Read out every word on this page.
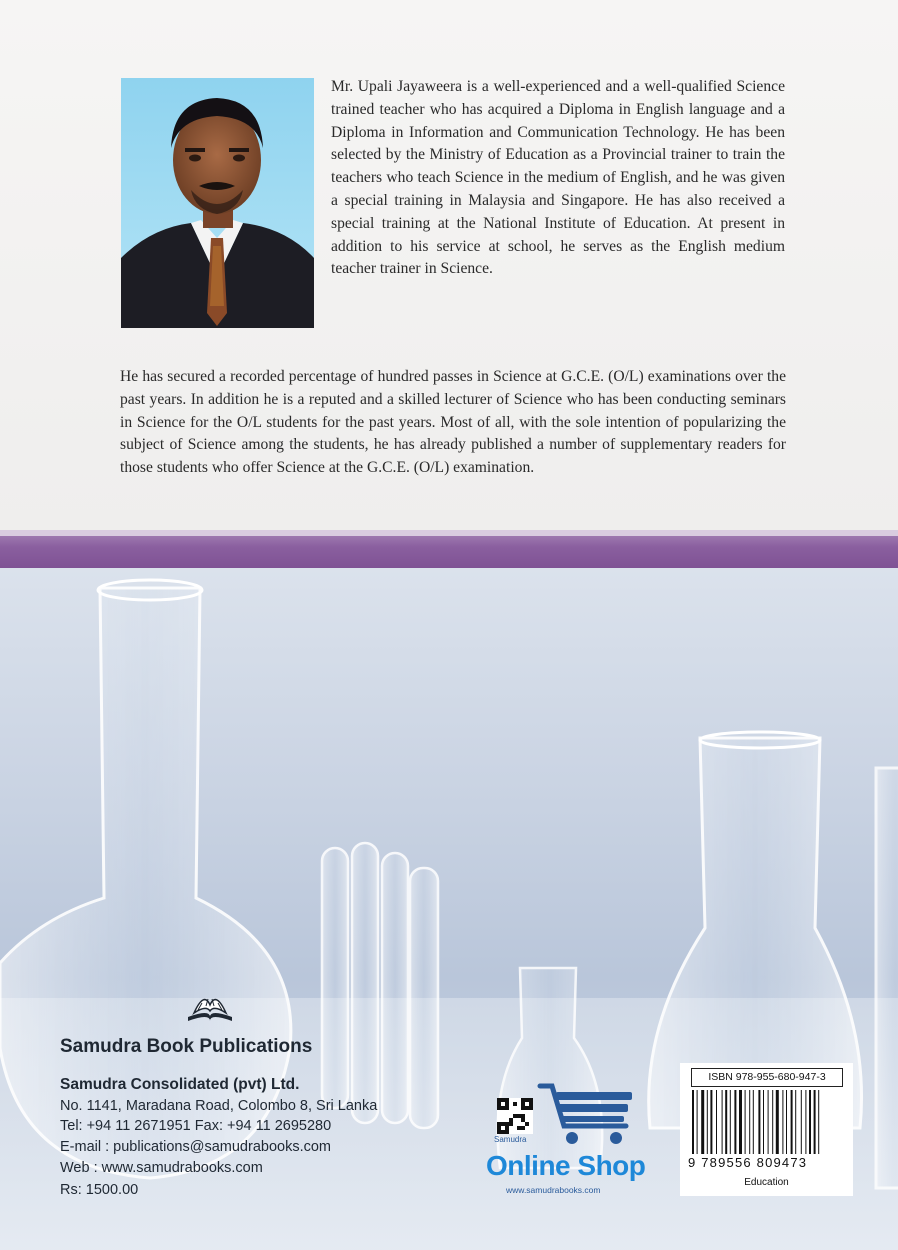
Mr. Upali Jayaweera is a well-experienced and a well-qualified Science trained teacher who has acquired a Diploma in English language and a Diploma in Information and Communication Technology. He has been selected by the Ministry of Education as a Provincial trainer to train the teachers who teach Science in the medium of English, and he was given a special training in Malaysia and Singapore. He has also received a special training at the National Institute of Education. At present in addition to his service at school, he serves as the English medium teacher trainer in Science.

He has secured a recorded percentage of hundred passes in Science at G.C.E. (O/L) examinations over the past years. In addition he is a reputed and a skilled lecturer of Science who has been conducting seminars in Science for the O/L students for the past years. Most of all, with the sole intention of popularizing the subject of Science among the students, he has already published a number of supplementary readers for those students who offer Science at the G.C.E. (O/L) examination.

Samudra Book Publications
Samudra Consolidated (pvt) Ltd.
No. 1141, Maradana Road, Colombo 8, Sri Lanka
Tel: +94 11 2671951 Fax: +94 11 2695280
E-mail : publications@samudrabooks.com
Web : www.samudrabooks.com
Rs: 1500.00
Samudra
Online Shop
www.samudrabooks.com
ISBN 978-955-680-947-3
9 789556 809473
Education
